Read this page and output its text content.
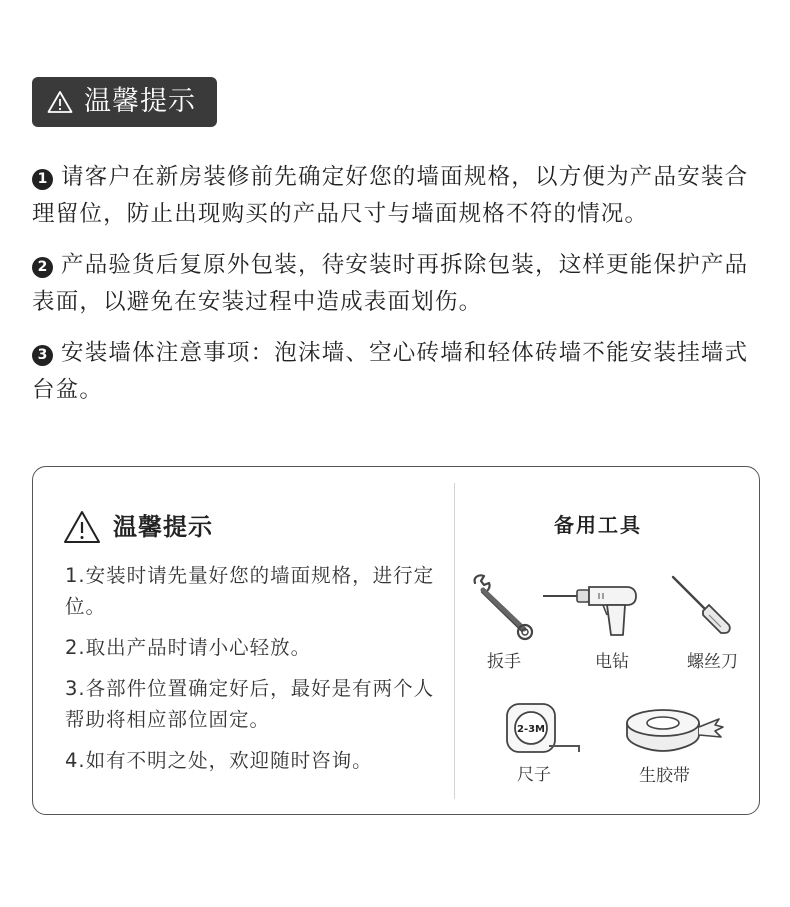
温馨提示

1 请客户在新房装修前先确定好您的墙面规格，以方便为产品安装合理留位，防止出现购买的产品尺寸与墙面规格不符的情况。

2 产品验货后复原外包装，待安装时再拆除包装，这样更能保护产品表面，以避免在安装过程中造成表面划伤。

3 安装墙体注意事项：泡沫墙、空心砖墙和轻体砖墙不能安装挂墙式台盆。

温馨提示

1.安装时请先量好您的墙面规格，进行定位。

2.取出产品时请小心轻放。

3.各部件位置确定好后，最好是有两个人帮助将相应部位固定。

4.如有不明之处，欢迎随时咨询。

备用工具
扳手	电钻	螺丝刀
2-3M
尺子	生胶带
